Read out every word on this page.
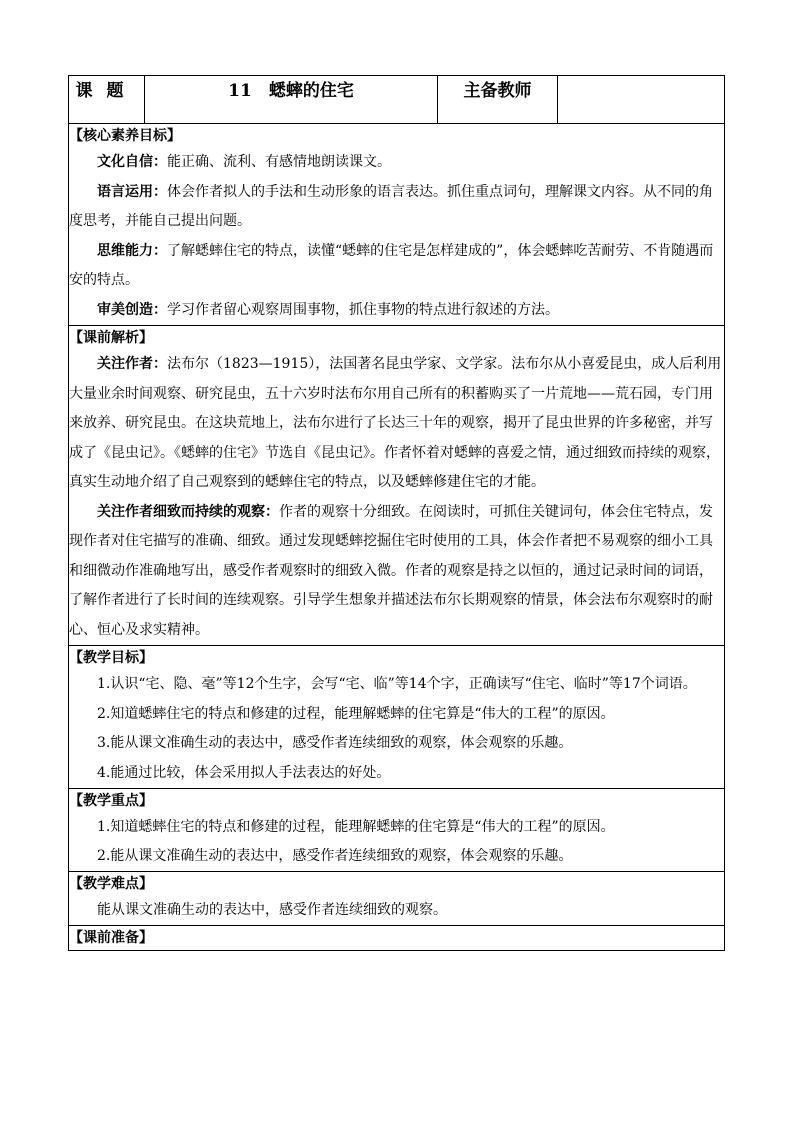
课题	11　蟋蟀的住宅	主备教师	

【核心素养目标】

文化自信：能正确、流利、有感情地朗读课文。

语言运用：体会作者拟人的手法和生动形象的语言表达。抓住重点词句，理解课文内容。从不同的角度思考，并能自己提出问题。

思维能力：了解蟋蟀住宅的特点，读懂“蟋蟀的住宅是怎样建成的”，体会蟋蟀吃苦耐劳、不肯随遇而安的特点。

审美创造：学习作者留心观察周围事物，抓住事物的特点进行叙述的方法。

【课前解析】

关注作者：法布尔（1823—1915），法国著名昆虫学家、文学家。法布尔从小喜爱昆虫，成人后利用大量业余时间观察、研究昆虫，五十六岁时法布尔用自己所有的积蓄购买了一片荒地——荒石园，专门用来放养、研究昆虫。在这块荒地上，法布尔进行了长达三十年的观察，揭开了昆虫世界的许多秘密，并写成了《昆虫记》。《蟋蟀的住宅》节选自《昆虫记》。作者怀着对蟋蟀的喜爱之情，通过细致而持续的观察，真实生动地介绍了自己观察到的蟋蟀住宅的特点，以及蟋蟀修建住宅的才能。

关注作者细致而持续的观察：作者的观察十分细致。在阅读时，可抓住关键词句，体会住宅特点，发现作者对住宅描写的准确、细致。通过发现蟋蟀挖掘住宅时使用的工具，体会作者把不易观察的细小工具和细微动作准确地写出，感受作者观察时的细致入微。作者的观察是持之以恒的，通过记录时间的词语，了解作者进行了长时间的连续观察。引导学生想象并描述法布尔长期观察的情景，体会法布尔观察时的耐心、恒心及求实精神。

【教学目标】

1.认识“宅、隐、毫”等12个生字，会写“宅、临”等14个字，正确读写“住宅、临时”等17个词语。

2.知道蟋蟀住宅的特点和修建的过程，能理解蟋蟀的住宅算是“伟大的工程”的原因。

3.能从课文准确生动的表达中，感受作者连续细致的观察，体会观察的乐趣。

4.能通过比较，体会采用拟人手法表达的好处。

【教学重点】

1.知道蟋蟀住宅的特点和修建的过程，能理解蟋蟀的住宅算是“伟大的工程”的原因。

2.能从课文准确生动的表达中，感受作者连续细致的观察，体会观察的乐趣。

【教学难点】

能从课文准确生动的表达中，感受作者连续细致的观察。

【课前准备】
